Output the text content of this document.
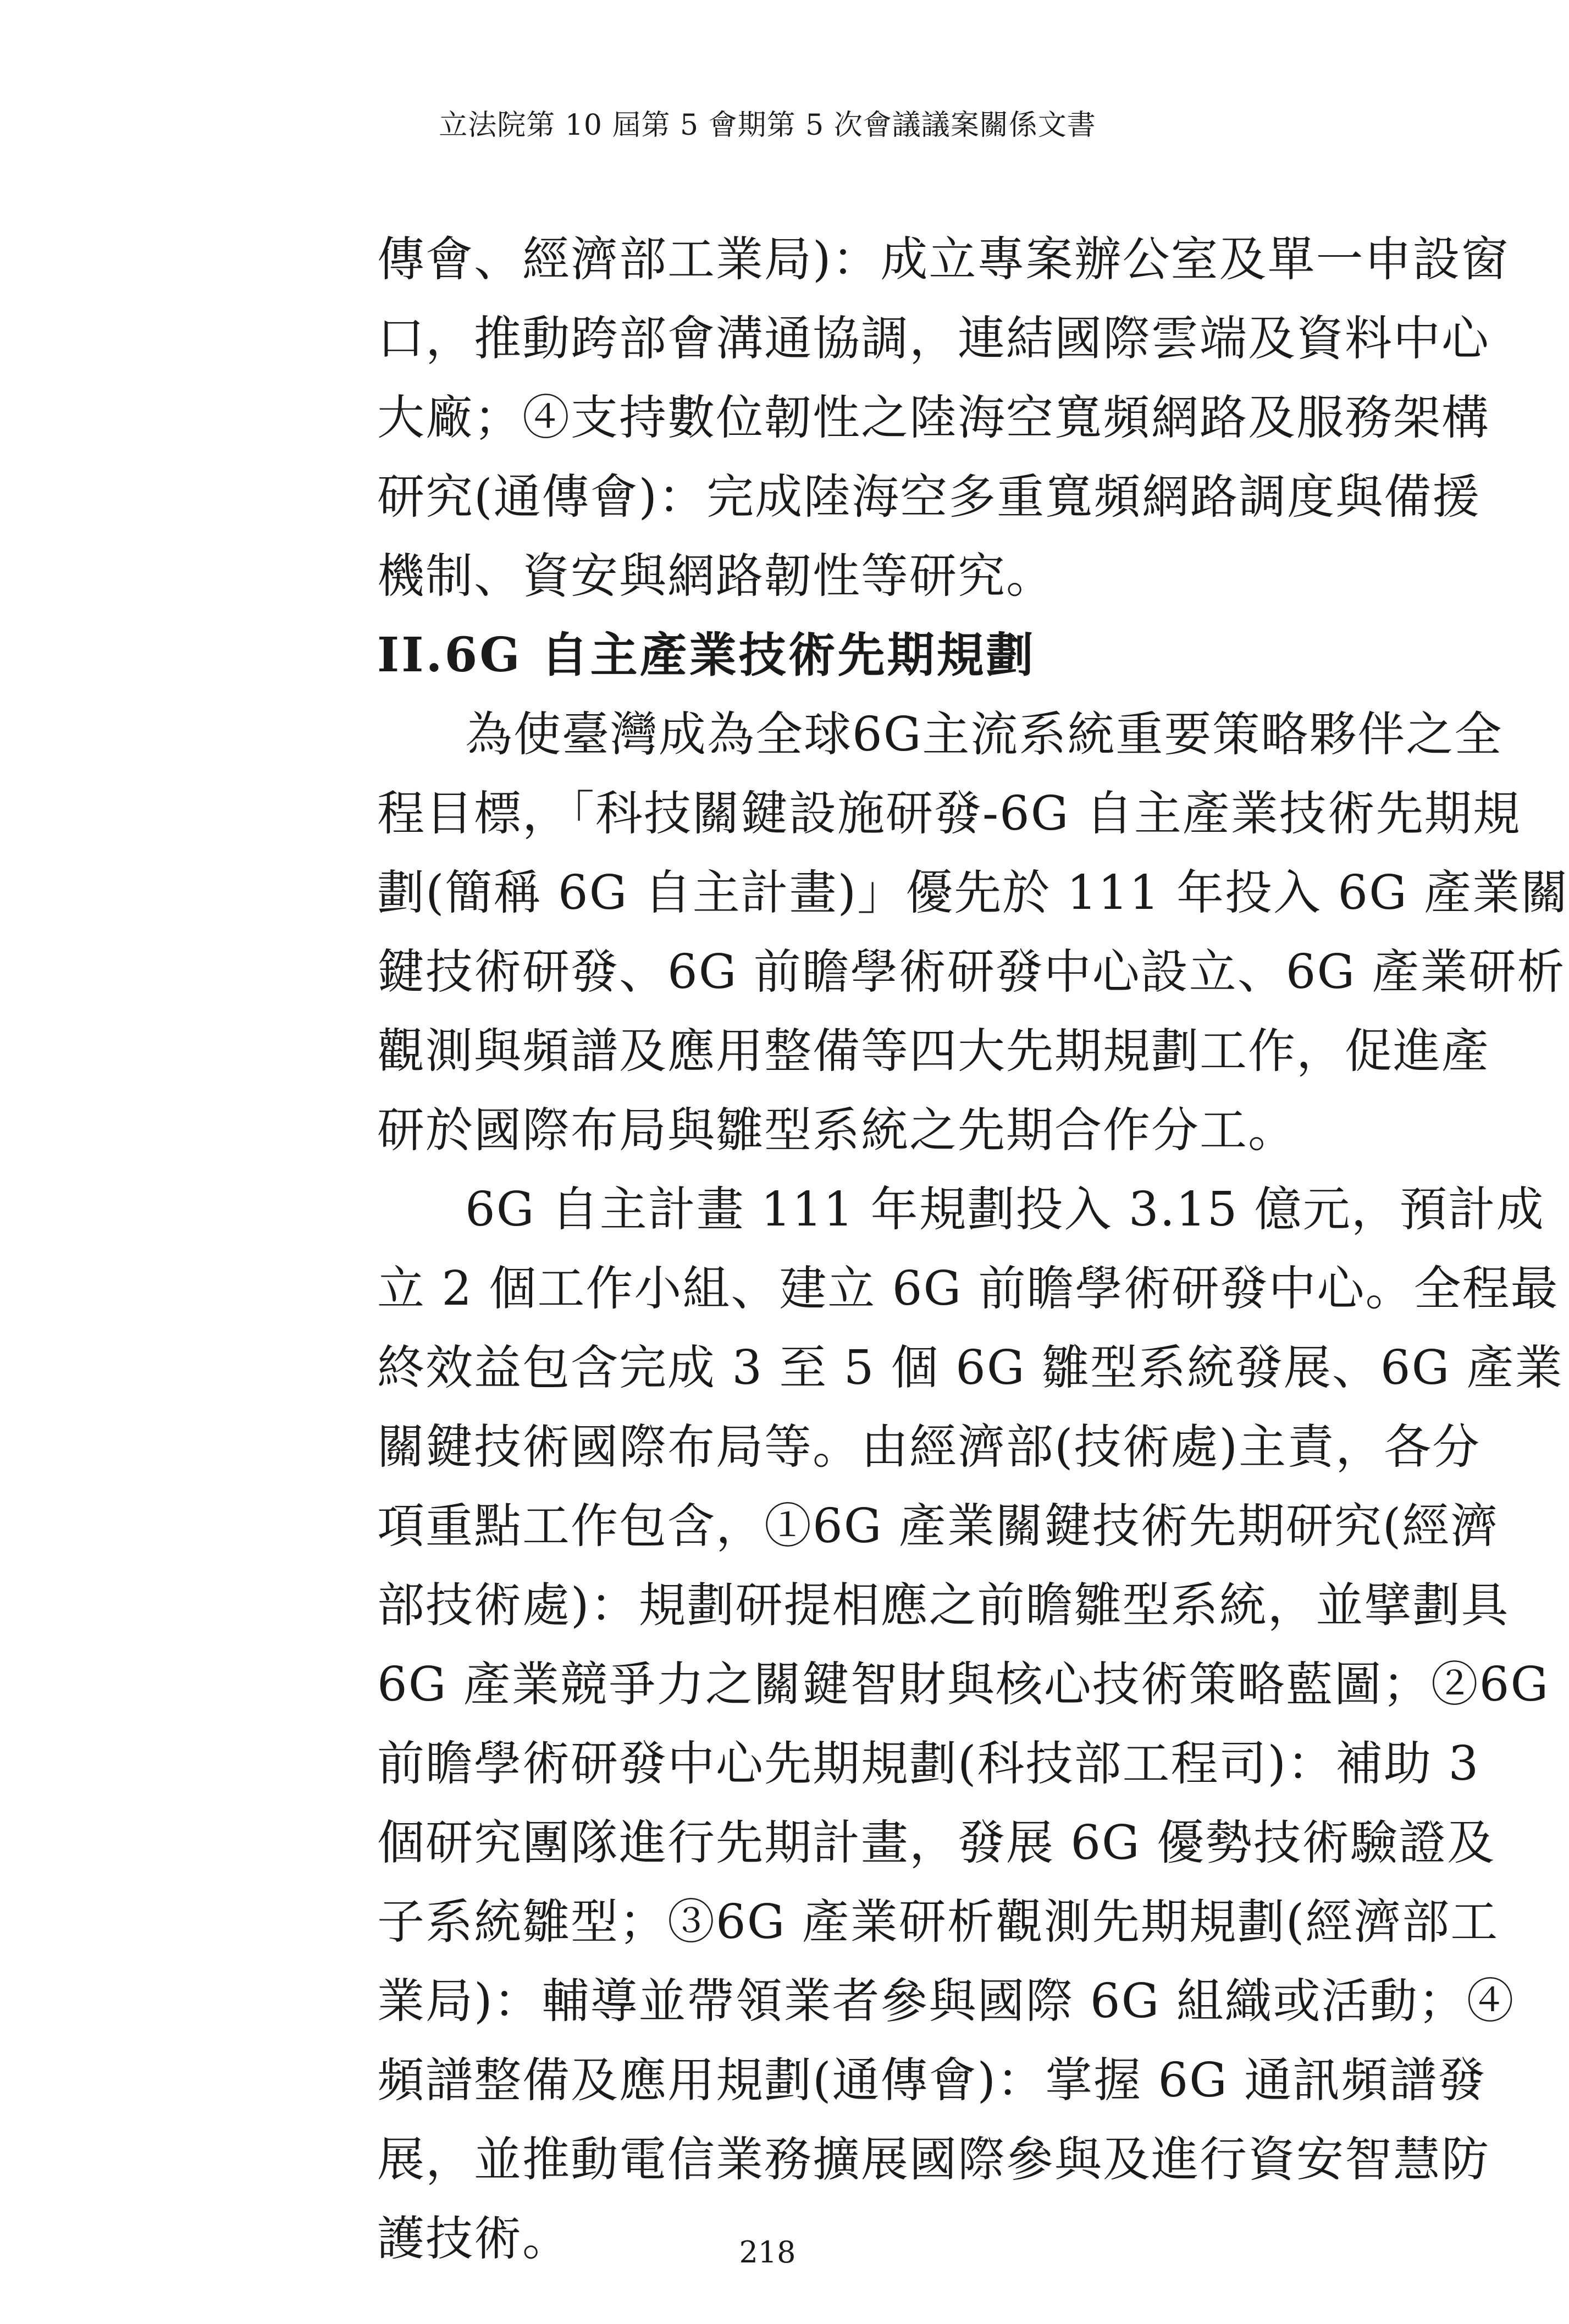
立法院第 10 屆第 5 會期第 5 次會議議案關係文書
傳會、經濟部工業局)：成立專案辦公室及單一申設窗
口，推動跨部會溝通協調，連結國際雲端及資料中心
大廠；④支持數位韌性之陸海空寬頻網路及服務架構
研究(通傳會)：完成陸海空多重寬頻網路調度與備援
機制、資安與網路韌性等研究。
II.6G 自主產業技術先期規劃
為使臺灣成為全球6G主流系統重要策略夥伴之全
程目標，「科技關鍵設施研發-6G 自主產業技術先期規
劃(簡稱 6G 自主計畫)」優先於 111 年投入 6G 產業關
鍵技術研發、6G 前瞻學術研發中心設立、6G 產業研析
觀測與頻譜及應用整備等四大先期規劃工作，促進產
研於國際布局與雛型系統之先期合作分工。
6G 自主計畫 111 年規劃投入 3.15 億元，預計成
立 2 個工作小組、建立 6G 前瞻學術研發中心。全程最
終效益包含完成 3 至 5 個 6G 雛型系統發展、6G 產業
關鍵技術國際布局等。由經濟部(技術處)主責，各分
項重點工作包含，①6G 產業關鍵技術先期研究(經濟
部技術處)：規劃研提相應之前瞻雛型系統，並擘劃具
6G 產業競爭力之關鍵智財與核心技術策略藍圖；②6G
前瞻學術研發中心先期規劃(科技部工程司)：補助 3
個研究團隊進行先期計畫，發展 6G 優勢技術驗證及
子系統雛型；③6G 產業研析觀測先期規劃(經濟部工
業局)：輔導並帶領業者參與國際 6G 組織或活動；④
頻譜整備及應用規劃(通傳會)：掌握 6G 通訊頻譜發
展，並推動電信業務擴展國際參與及進行資安智慧防
護技術。	218
